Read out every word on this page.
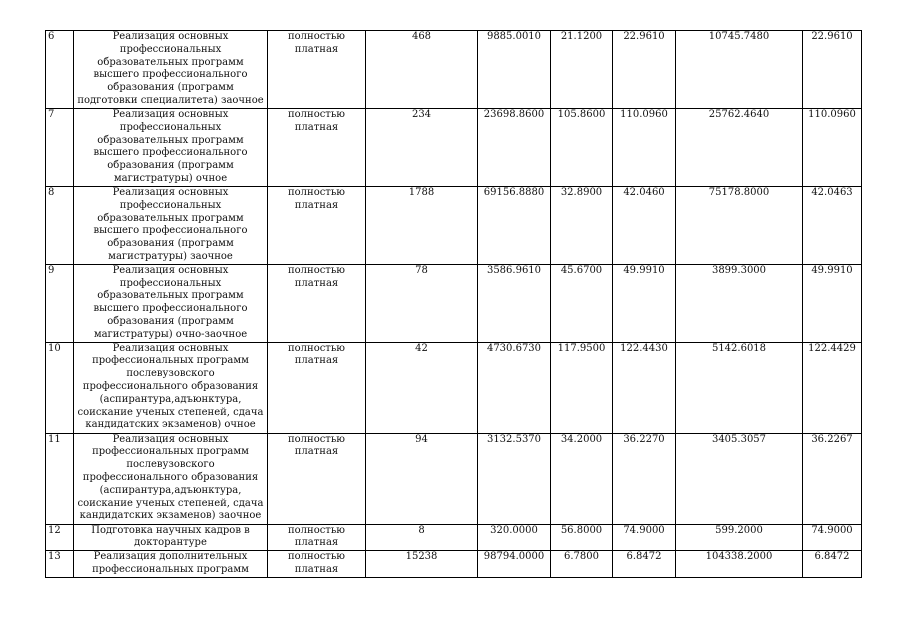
6	Реализация основных профессиональных образовательных программ высшего профессионального образования (программ подготовки специалитета) заочное	полностью платная	468	9885.0010	21.1200	22.9610	10745.7480	22.9610
7	Реализация основных профессиональных образовательных программ высшего профессионального образования (программ магистратуры) очное	полностью платная	234	23698.8600	105.8600	110.0960	25762.4640	110.0960
8	Реализация основных профессиональных образовательных программ высшего профессионального образования (программ магистратуры) заочное	полностью платная	1788	69156.8880	32.8900	42.0460	75178.8000	42.0463
9	Реализация основных профессиональных образовательных программ высшего профессионального образования (программ магистратуры) очно-заочное	полностью платная	78	3586.9610	45.6700	49.9910	3899.3000	49.9910
10	Реализация основных профессиональных программ послевузовского профессионального образования (аспирантура,адъюнктура, соискание ученых степеней, сдача кандидатских экзаменов) очное	полностью платная	42	4730.6730	117.9500	122.4430	5142.6018	122.4429
11	Реализация основных профессиональных программ послевузовского профессионального образования (аспирантура,адъюнктура, соискание ученых степеней, сдача кандидатских экзаменов) заочное	полностью платная	94	3132.5370	34.2000	36.2270	3405.3057	36.2267
12	Подготовка научных кадров в докторантуре	полностью платная	8	320.0000	56.8000	74.9000	599.2000	74.9000
13	Реализация дополнительных профессиональных программ	полностью платная	15238	98794.0000	6.7800	6.8472	104338.2000	6.8472
